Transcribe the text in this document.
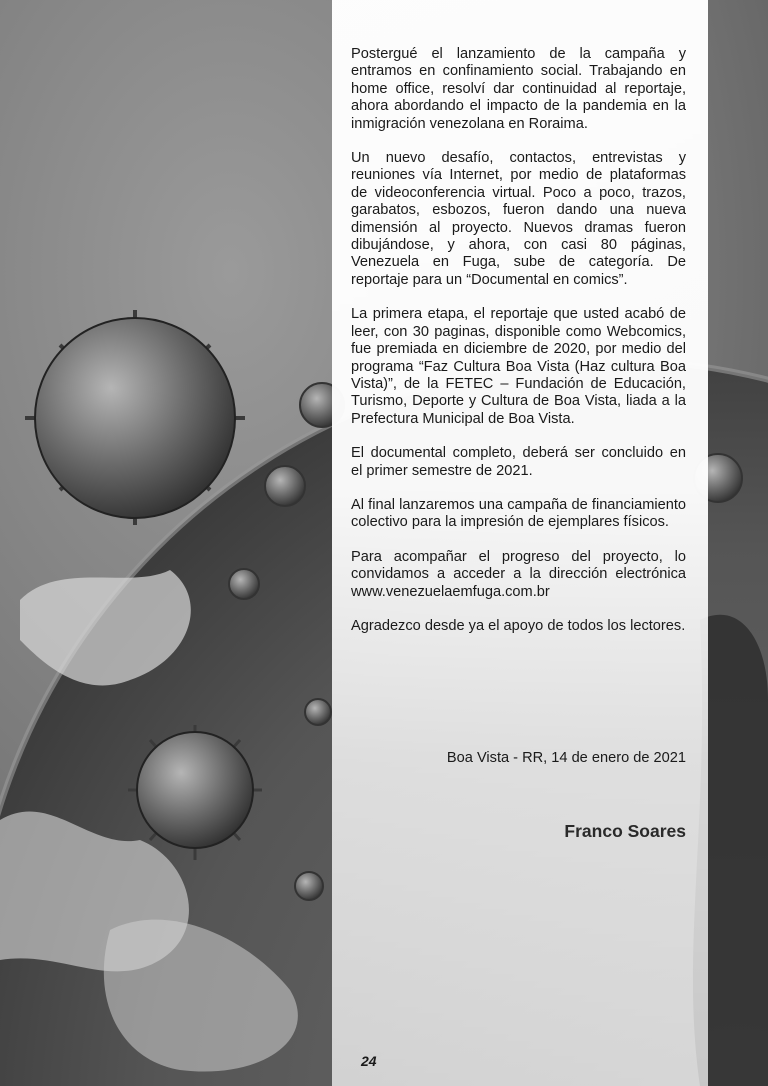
Postergué el lanzamiento de la campaña y entramos en confinamiento social. Trabajando en home office, resolví dar continuidad al reportaje, ahora abordando el impacto de la pandemia en la inmigración venezolana en Roraima.

Un nuevo desafío, contactos, entrevistas y reuniones vía Internet, por medio de plataformas de videoconferencia virtual. Poco a poco, trazos, garabatos, esbozos, fueron dando una nueva dimensión al proyecto. Nuevos dramas fueron dibujándose, y ahora, con casi 80 páginas, Venezuela en Fuga, sube de categoría. De reportaje para un “Documental en comics”.

La primera etapa, el reportaje que usted acabó de leer, con 30 paginas, disponible como Webcomics, fue premiada en diciembre de 2020, por medio del programa “Faz Cultura Boa Vista (Haz cultura Boa Vista)”, de la FETEC – Fundación de Educación, Turismo, Deporte y Cultura de Boa Vista, liada a la Prefectura Municipal de Boa Vista.

El documental completo, deberá ser concluido en el primer semestre de 2021.

Al final lanzaremos una campaña de financiamiento colectivo para la impresión de ejemplares físicos.

Para acompañar el progreso del proyecto, lo convidamos a acceder a la dirección electrónica www.venezuelaemfuga.com.br

Agradezco desde ya el apoyo de todos los lectores.

Boa Vista - RR, 14 de enero de 2021
Franco Soares
24
